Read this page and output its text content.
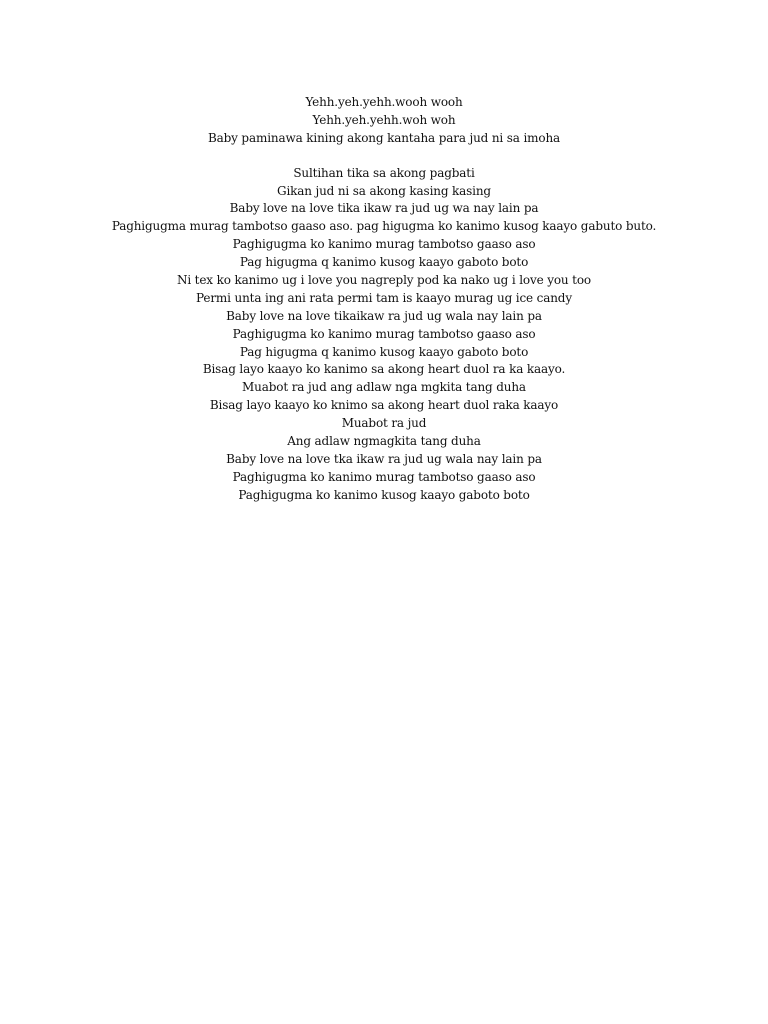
Yehh.yeh.yehh.wooh wooh
Yehh.yeh.yehh.woh woh
Baby paminawa kining akong kantaha para jud ni sa imoha
Sultihan tika sa akong pagbati
Gikan jud ni sa akong kasing kasing
Baby love na love tika ikaw ra jud ug wa nay lain pa
Paghigugma murag tambotso gaaso aso. pag higugma ko kanimo kusog kaayo gabuto buto.
Paghigugma ko kanimo murag tambotso gaaso aso
Pag higugma q kanimo kusog kaayo gaboto boto
Ni tex ko kanimo ug i love you nagreply pod ka nako ug i love you too
Permi unta ing ani rata permi tam is kaayo murag ug ice candy
Baby love na love tikaikaw ra jud ug wala nay lain pa
Paghigugma ko kanimo murag tambotso gaaso aso
Pag higugma q kanimo kusog kaayo gaboto boto
Bisag layo kaayo ko kanimo sa akong heart duol ra ka kaayo.
Muabot ra jud ang adlaw nga mgkita tang duha
Bisag layo kaayo ko knimo sa akong heart duol raka kaayo
Muabot ra jud
Ang adlaw ngmagkita tang duha
Baby love na love tka ikaw ra jud ug wala nay lain pa
Paghigugma ko kanimo murag tambotso gaaso aso
Paghigugma ko kanimo kusog kaayo gaboto boto
